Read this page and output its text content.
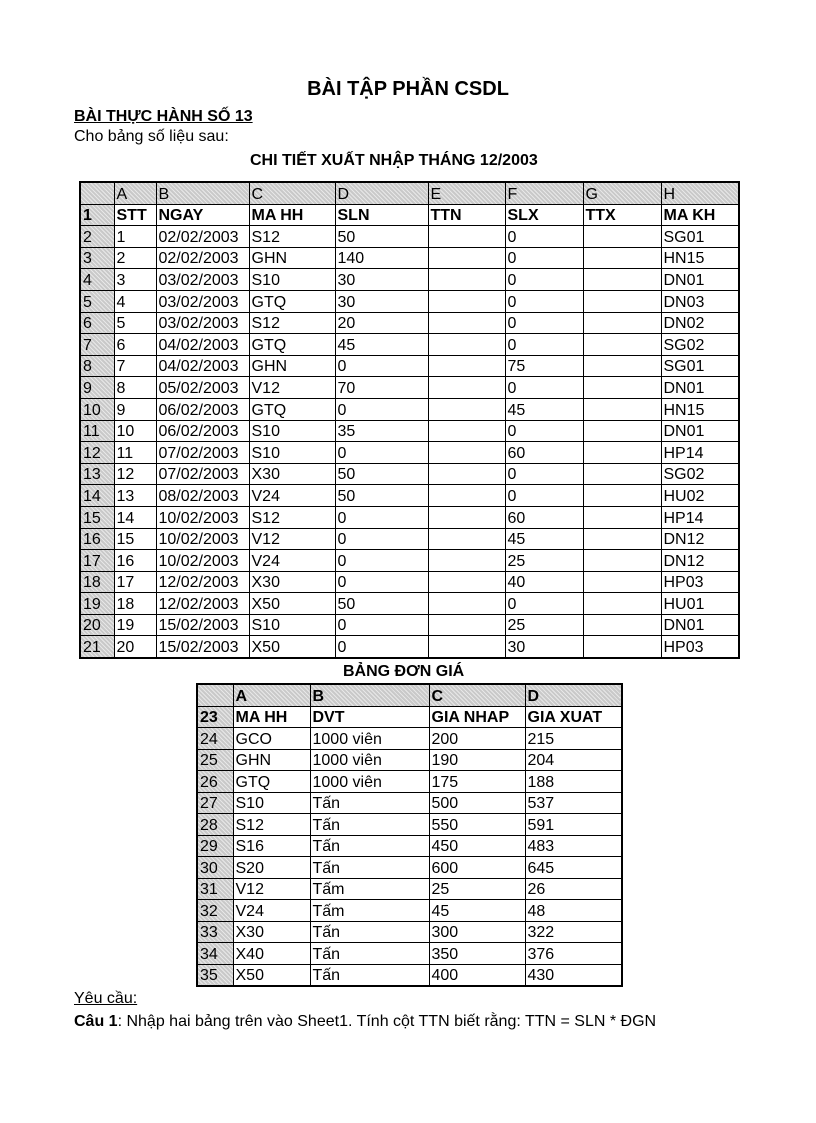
BÀI TẬP PHẦN CSDL
BÀI THỰC HÀNH SỐ 13
Cho bảng số liệu sau:
CHI TIẾT XUẤT NHẬP THÁNG 12/2003
	A	B	C	D	E	F	G	H
1	STT	NGAY	MA HH	SLN	TTN	SLX	TTX	MA KH
2	1	02/02/2003	S12	50		0		SG01
3	2	02/02/2003	GHN	140		0		HN15
4	3	03/02/2003	S10	30		0		DN01
5	4	03/02/2003	GTQ	30		0		DN03
6	5	03/02/2003	S12	20		0		DN02
7	6	04/02/2003	GTQ	45		0		SG02
8	7	04/02/2003	GHN	0		75		SG01
9	8	05/02/2003	V12	70		0		DN01
10	9	06/02/2003	GTQ	0		45		HN15
11	10	06/02/2003	S10	35		0		DN01
12	11	07/02/2003	S10	0		60		HP14
13	12	07/02/2003	X30	50		0		SG02
14	13	08/02/2003	V24	50		0		HU02
15	14	10/02/2003	S12	0		60		HP14
16	15	10/02/2003	V12	0		45		DN12
17	16	10/02/2003	V24	0		25		DN12
18	17	12/02/2003	X30	0		40		HP03
19	18	12/02/2003	X50	50		0		HU01
20	19	15/02/2003	S10	0		25		DN01
21	20	15/02/2003	X50	0		30		HP03
BẢNG ĐƠN GIÁ
	A	B	C	D
23	MA HH	DVT	GIA NHAP	GIA XUAT
24	GCO	1000 viên	200	215
25	GHN	1000 viên	190	204
26	GTQ	1000 viên	175	188
27	S10	Tấn	500	537
28	S12	Tấn	550	591
29	S16	Tấn	450	483
30	S20	Tấn	600	645
31	V12	Tấm	25	26
32	V24	Tấm	45	48
33	X30	Tấn	300	322
34	X40	Tấn	350	376
35	X50	Tấn	400	430
Yêu cầu:
Câu 1: Nhập hai bảng trên vào Sheet1. Tính cột TTN biết rằng: TTN = SLN * ĐGN
